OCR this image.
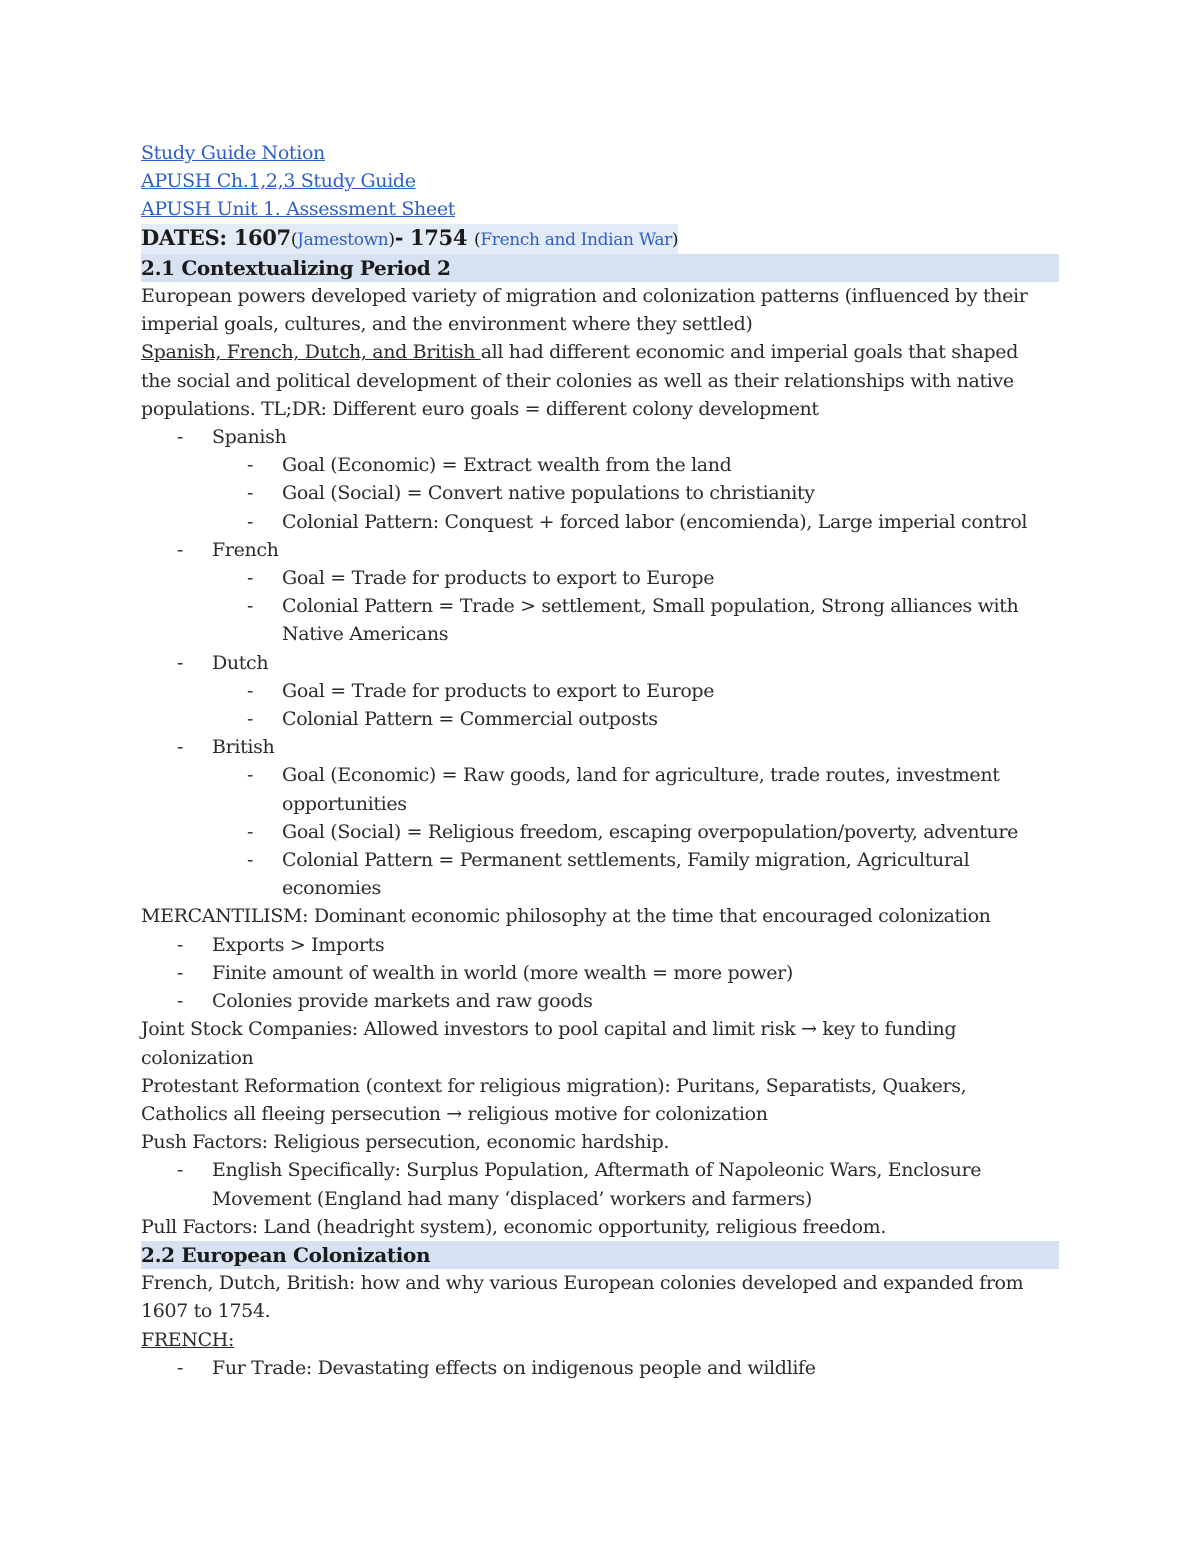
Study Guide Notion
APUSH Ch.1,2,3 Study Guide
APUSH Unit 1. Assessment Sheet
DATES: 1607(Jamestown)- 1754 (French and Indian War)
2.1 Contextualizing Period 2
European powers developed variety of migration and colonization patterns (influenced by their
imperial goals, cultures, and the environment where they settled)
Spanish, French, Dutch, and British all had different economic and imperial goals that shaped
the social and political development of their colonies as well as their relationships with native
populations. TL;DR: Different euro goals = different colony development
- Spanish
- Goal (Economic) = Extract wealth from the land
- Goal (Social) = Convert native populations to christianity
- Colonial Pattern: Conquest + forced labor (encomienda), Large imperial control
- French
- Goal = Trade for products to export to Europe
- Colonial Pattern = Trade > settlement, Small population, Strong alliances with
Native Americans
- Dutch
- Goal = Trade for products to export to Europe
- Colonial Pattern = Commercial outposts
- British
- Goal (Economic) = Raw goods, land for agriculture, trade routes, investment
opportunities
- Goal (Social) = Religious freedom, escaping overpopulation/poverty, adventure
- Colonial Pattern = Permanent settlements, Family migration, Agricultural
economies
MERCANTILISM: Dominant economic philosophy at the time that encouraged colonization
- Exports > Imports
- Finite amount of wealth in world (more wealth = more power)
- Colonies provide markets and raw goods
Joint Stock Companies: Allowed investors to pool capital and limit risk → key to funding
colonization
Protestant Reformation (context for religious migration): Puritans, Separatists, Quakers,
Catholics all fleeing persecution → religious motive for colonization
Push Factors: Religious persecution, economic hardship.
- English Specifically: Surplus Population, Aftermath of Napoleonic Wars, Enclosure
Movement (England had many ‘displaced’ workers and farmers)
Pull Factors: Land (headright system), economic opportunity, religious freedom.
2.2 European Colonization
French, Dutch, British: how and why various European colonies developed and expanded from
1607 to 1754.
FRENCH:
- Fur Trade: Devastating effects on indigenous people and wildlife
